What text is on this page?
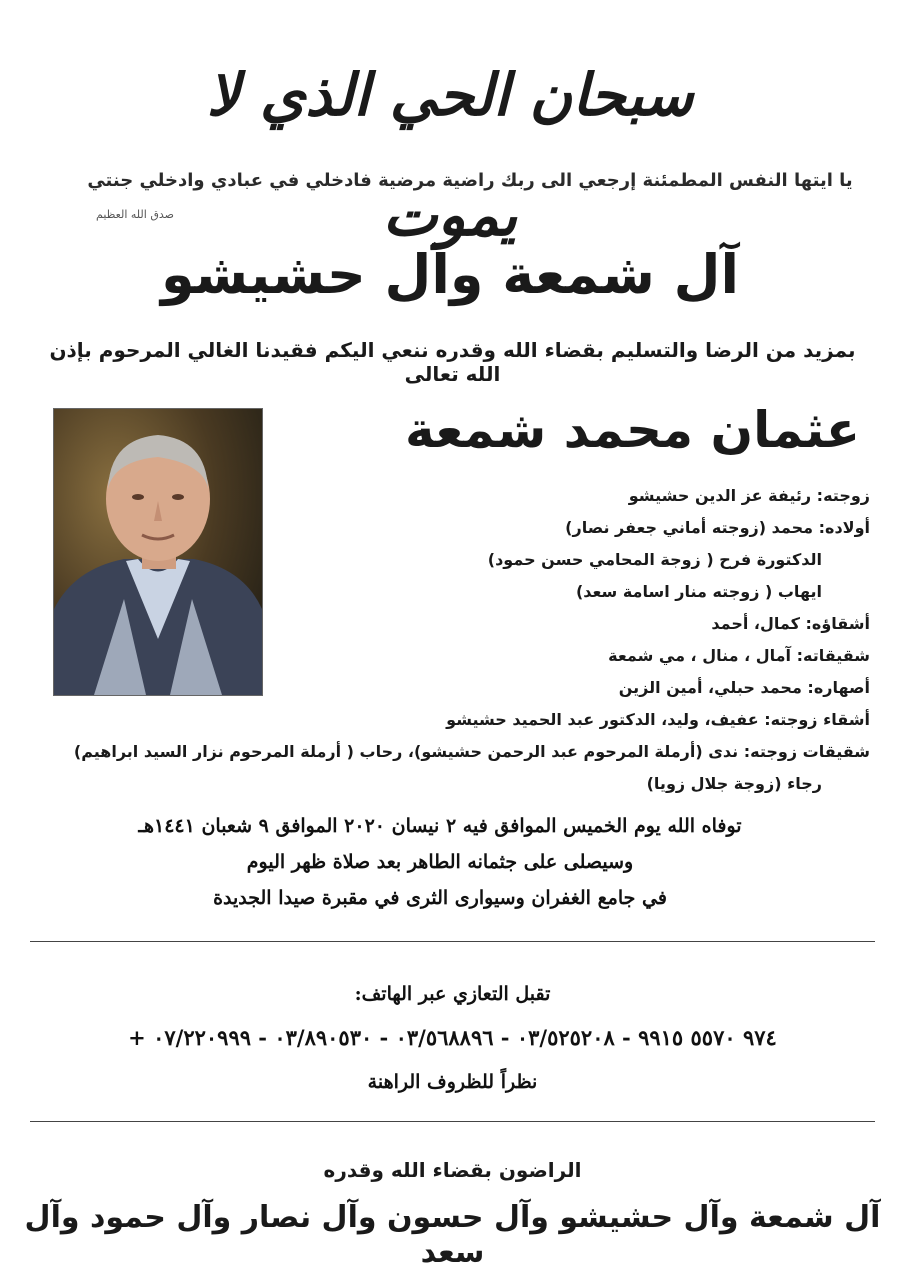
سبحان الحي الذي لا يموت
يا ايتها النفس المطمئنة إرجعي الى ربك راضية مرضية فادخلي في عبادي وادخلي جنتي
صدق الله العظيم
آل شمعة وآل حشيشو
بمزيد من الرضا والتسليم بقضاء الله وقدره ننعي اليكم فقيدنا الغالي المرحوم بإذن الله تعالى
عثمان محمد شمعة
زوجته: رئيفة عز الدين حشيشو
أولاده: محمد (زوجته أماني جعفر نصار)
الدكتورة فرح ( زوجة المحامي حسن حمود)
ايهاب ( زوجته منار اسامة سعد)
أشقاؤه: كمال، أحمد
شقيقاته: آمال ، منال ، مي شمعة
أصهاره: محمد حبلي، أمين الزين
أشقاء زوجته: عفيف، وليد، الدكتور عبد الحميد حشيشو
شقيقات زوجته: ندى (أرملة المرحوم عبد الرحمن حشيشو)، رحاب ( أرملة المرحوم نزار السيد ابراهيم)
رجاء (زوجة جلال زويا)
توفاه الله يوم الخميس الموافق فيه ٢ نيسان ٢٠٢٠ الموافق ٩ شعبان ١٤٤١هـ
وسيصلى على جثمانه الطاهر بعد صلاة ظهر اليوم
في جامع الغفران وسيوارى الثرى في مقبرة صيدا الجديدة
تقبل التعازي عبر الهاتف:
+ ٩٧٤ ٥٥٧٠ ٩٩١٥ - ٠٣/٥٢٥٢٠٨ - ٠٣/٥٦٨٨٩٦ - ٠٣/٨٩٠٥٣٠ - ٠٧/٢٢٠٩٩٩
نظراً للظروف الراهنة
الراضون بقضاء الله وقدره
آل شمعة وآل حشيشو وآل حسون وآل نصار وآل حمود وآل سعد
